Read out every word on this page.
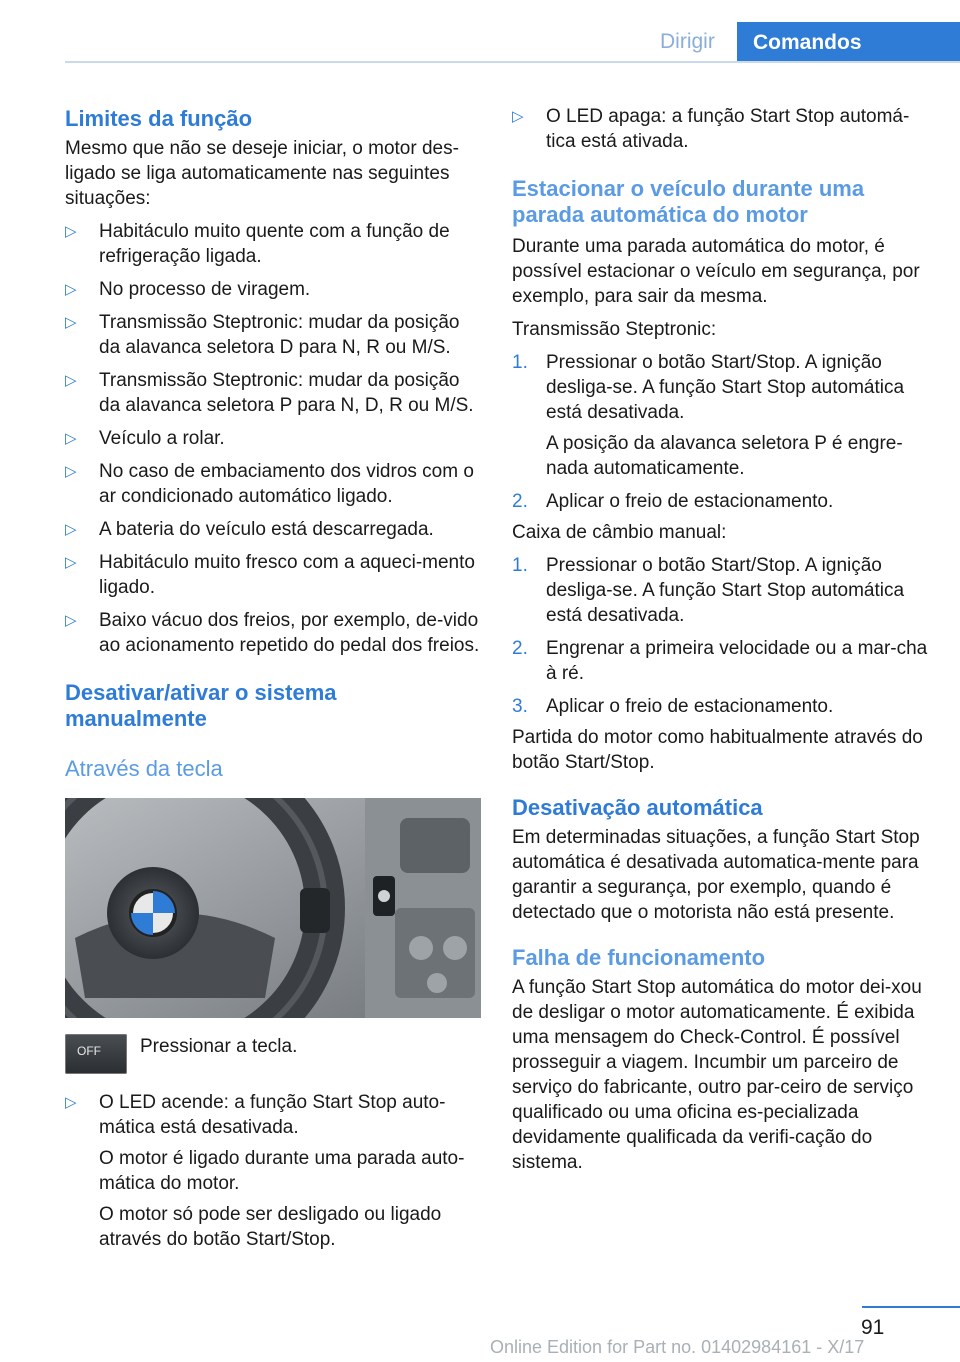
Dirigir	Comandos
Limites da função

Mesmo que não se deseje iniciar, o motor des‐ligado se liga automaticamente nas seguintes situações:

▷ Habitáculo muito quente com a função de refrigeração ligada.
▷ No processo de viragem.
▷ Transmissão Steptronic: mudar da posição da alavanca seletora D para N, R ou M/S.
▷ Transmissão Steptronic: mudar da posição da alavanca seletora P para N, D, R ou M/S.
▷ Veículo a rolar.
▷ No caso de embaciamento dos vidros com o ar condicionado automático ligado.
▷ A bateria do veículo está descarregada.
▷ Habitáculo muito fresco com a aqueci‐mento ligado.
▷ Baixo vácuo dos freios, por exemplo, de‐vido ao acionamento repetido do pedal dos freios.
Desativar/ativar o sistema manualmente
Através da tecla
OFF Pressionar a tecla.
▷ O LED acende: a função Start Stop auto‐mática está desativada.

O motor é ligado durante uma parada auto‐mática do motor.

O motor só pode ser desligado ou ligado através do botão Start/Stop.

▷ O LED apaga: a função Start Stop automá‐tica está ativada.
Estacionar o veículo durante uma parada automática do motor

Durante uma parada automática do motor, é possível estacionar o veículo em segurança, por exemplo, para sair da mesma.

Transmissão Steptronic:

1. Pressionar o botão Start/Stop. A ignição desliga-se. A função Start Stop automática está desativada.
A posição da alavanca seletora P é engre‐nada automaticamente.
2. Aplicar o freio de estacionamento.

Caixa de câmbio manual:

1. Pressionar o botão Start/Stop. A ignição desliga-se. A função Start Stop automática está desativada.
2. Engrenar a primeira velocidade ou a mar‐cha à ré.
3. Aplicar o freio de estacionamento.

Partida do motor como habitualmente através do botão Start/Stop.

Desativação automática

Em determinadas situações, a função Start Stop automática é desativada automatica‐mente para garantir a segurança, por exemplo, quando é detectado que o motorista não está presente.

Falha de funcionamento

A função Start Stop automática do motor dei‐xou de desligar o motor automaticamente. É exibida uma mensagem do Check-Control. É possível prosseguir a viagem. Incumbir um parceiro de serviço do fabricante, outro par‐ceiro de serviço qualificado ou uma oficina es‐pecializada devidamente qualificada da verifi‐cação do sistema.

91
Online Edition for Part no. 01402984161 - X/17
